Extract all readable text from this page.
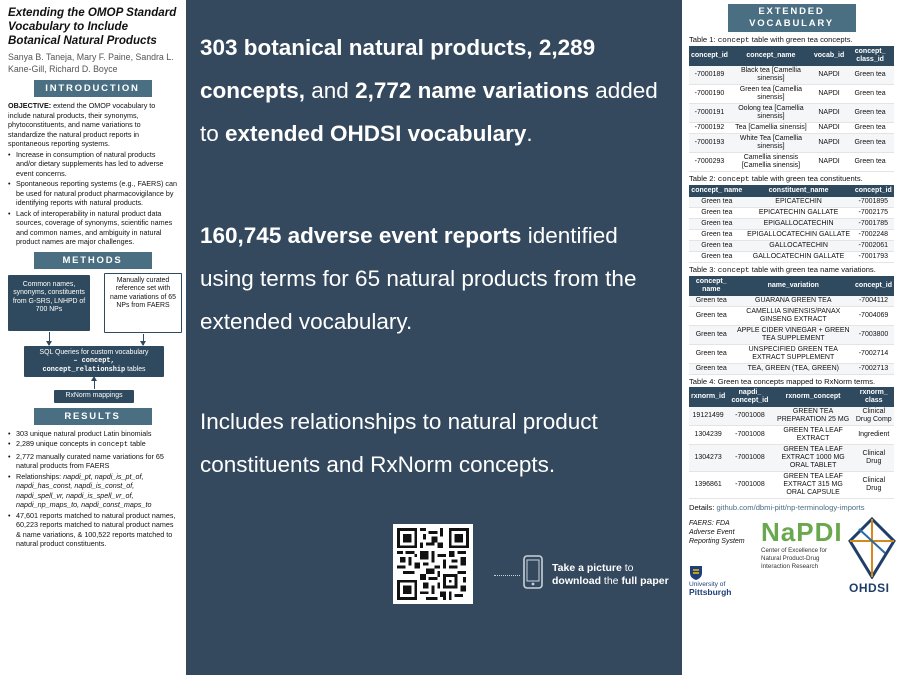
Extending the OMOP Standard Vocabulary to Include Botanical Natural Products
Sanya B. Taneja, Mary F. Paine, Sandra L. Kane-Gill, Richard D. Boyce
INTRODUCTION
OBJECTIVE: extend the OMOP vocabulary to include natural products, their synonyms, phytoconstituents, and name variations to standardize the natural product reports in spontaneous reporting systems.
• Increase in consumption of natural products and/or dietary supplements has led to adverse event concerns.
• Spontaneous reporting systems (e.g., FAERS) can be used for natural product pharmacovigilance by identifying reports with natural products.
• Lack of interoperability in natural product data sources, coverage of synonyms, scientific names and common names, and ambiguity in natural product names are major challenges.
METHODS
Common names, synonyms, constituents from G-SRS, LNHPD of 700 NPs
Manually curated reference set with name variations of 65 NPs from FAERS
SQL Queries for custom vocabulary
– concept,
concept_relationship tables
RxNorm mappings
RESULTS
• 303 unique natural product Latin binomials
• 2,289 unique concepts in concept table
• 2,772 manually curated name variations for 65 natural products from FAERS
• Relationships: napdi_pt, napdi_is_pt_of, napdi_has_const, napdi_is_const_of, napdi_spell_vr, napdi_is_spell_vr_of, napdi_np_maps_to, napdi_const_maps_to
• 47,601 reports matched to natural product names, 60,223 reports matched to natural product names & name variations, & 100,522 reports matched to natural product constituents.
303 botanical natural products, 2,289 concepts, and 2,772 name variations added to extended OHDSI vocabulary.
160,745 adverse event reports identified using terms for 65 natural products from the extended vocabulary.
Includes relationships to natural product constituents and RxNorm concepts.
Take a picture to
download the full paper
EXTENDED
VOCABULARY
Table 1: concept table with green tea concepts.
concept_id	concept_name	vocab_id	concept_ class_id
-7000189	Black tea [Camellia sinensis]	NAPDI	Green tea
-7000190	Green tea [Camellia sinensis]	NAPDI	Green tea
-7000191	Oolong tea [Camellia sinensis]	NAPDI	Green tea
-7000192	Tea [Camellia sinensis]	NAPDI	Green tea
-7000193	White Tea [Camellia sinensis]	NAPDI	Green tea
-7000293	Camellia sinensis [Camellia sinensis]	NAPDI	Green tea
Table 2: concept table with green tea constituents.
concept_ name	constituent_name	concept_id
Green tea	EPICATECHIN	-7001895
Green tea	EPICATECHIN GALLATE	-7002175
Green tea	EPIGALLOCATECHIN	-7001785
Green tea	EPIGALLOCATECHIN GALLATE	-7002248
Green tea	GALLOCATECHIN	-7002061
Green tea	GALLOCATECHIN GALLATE	-7001793
Table 3: concept table with green tea name variations.
concept_ name	name_variation	concept_id
Green tea	GUARANA GREEN TEA	-7004112
Green tea	CAMELLIA SINENSIS/PANAX GINSENG EXTRACT	-7004069
Green tea	APPLE CIDER VINEGAR + GREEN TEA SUPPLEMENT	-7003800
Green tea	UNSPECIFIED GREEN TEA EXTRACT SUPPLEMENT	-7002714
Green tea	TEA, GREEN (TEA, GREEN)	-7002713
Table 4: Green tea concepts mapped to RxNorm terms.
rxnorm_id	napdi_ concept_id	rxnorm_concept	rxnorm_ class
19121499	-7001008	GREEN TEA PREPARATION 25 MG	Clinical Drug Comp
1304239	-7001008	GREEN TEA LEAF EXTRACT	Ingredient
1304273	-7001008	GREEN TEA LEAF EXTRACT 1000 MG ORAL TABLET	Clinical Drug
1396861	-7001008	GREEN TEA LEAF EXTRACT 315 MG ORAL CAPSULE	Clinical Drug
Details: github.com/dbmi-pitt/np-terminology-imports
FAERS: FDA Adverse Event Reporting System
University of
Pittsburgh
NaPDI
Center of Excellence for Natural Product-Drug Interaction Research
OHDSI
